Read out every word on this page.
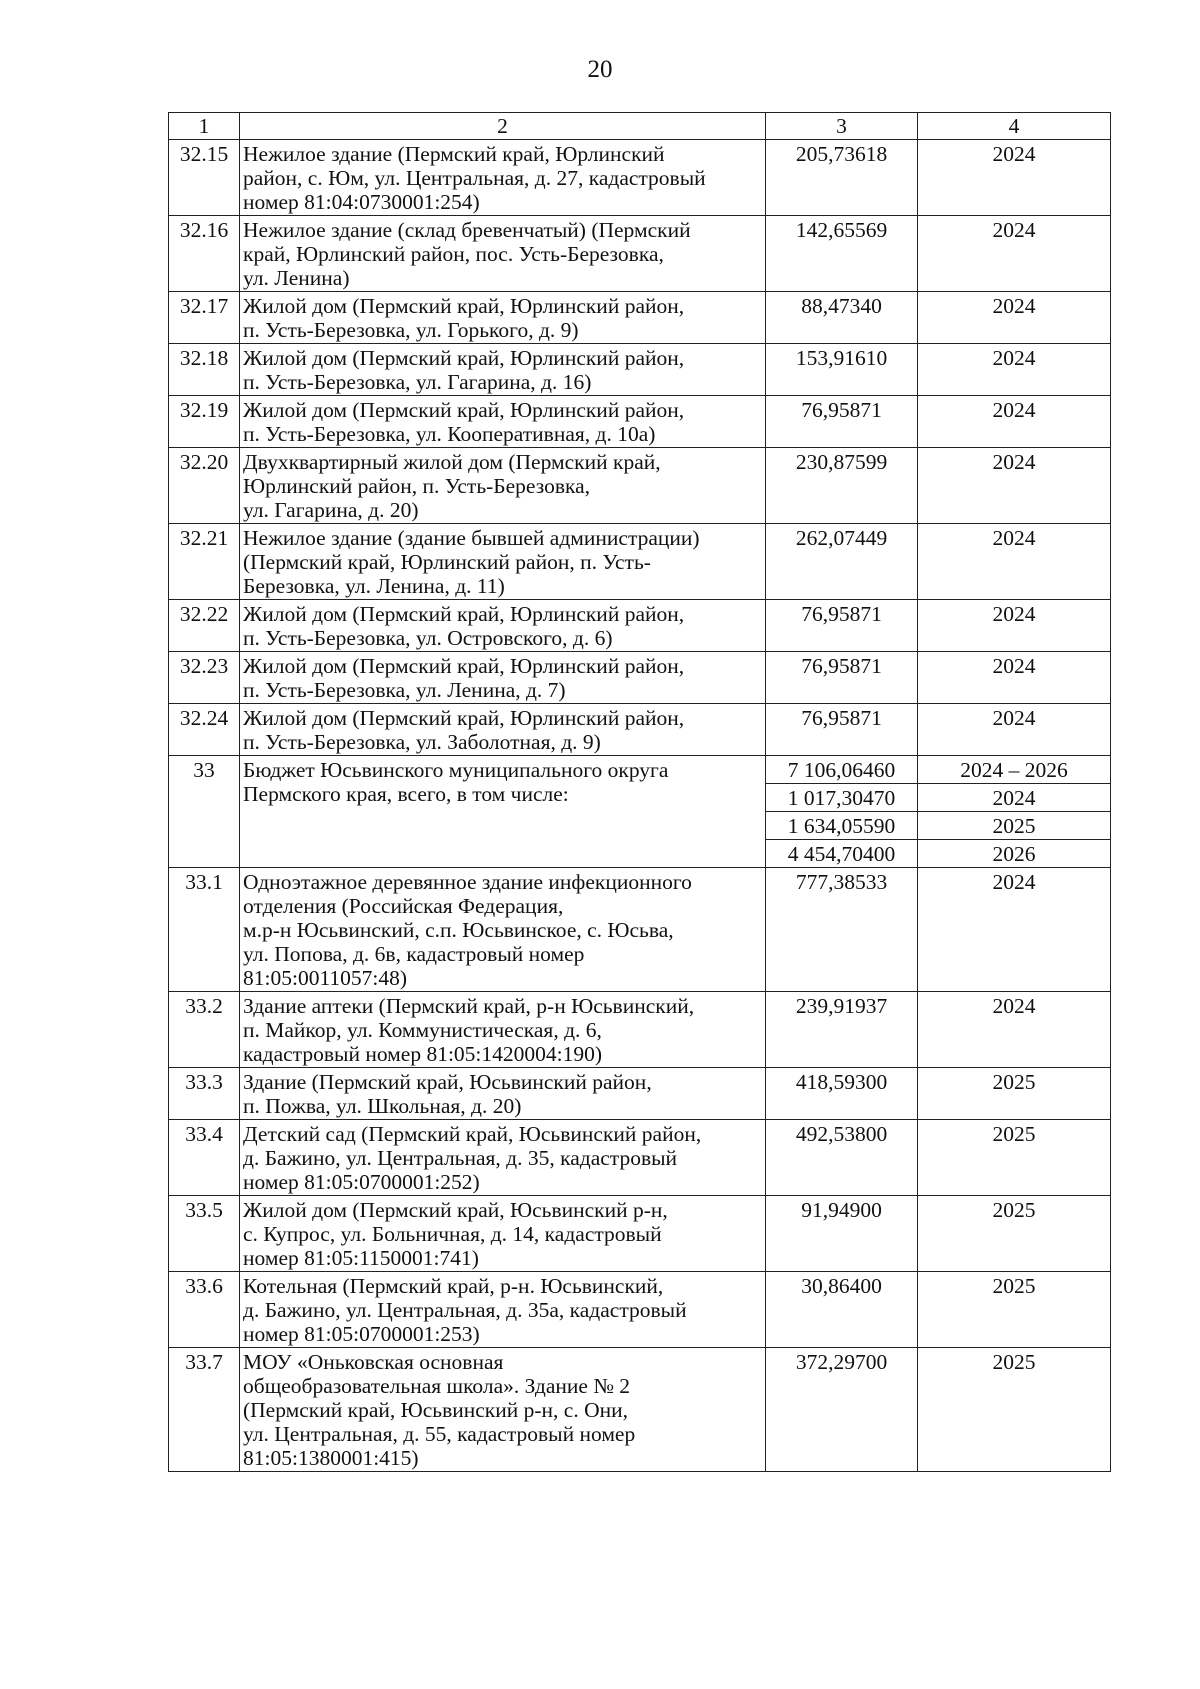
20
1	2	3	4
32.15	Нежилое здание (Пермский край, Юрлинский
район, с. Юм, ул. Центральная, д. 27, кадастровый
номер 81:04:0730001:254)	205,73618	2024
32.16	Нежилое здание (склад бревенчатый) (Пермский
край, Юрлинский район, пос. Усть-Березовка,
ул. Ленина)	142,65569	2024
32.17	Жилой дом (Пермский край, Юрлинский район,
п. Усть-Березовка, ул. Горького, д. 9)	88,47340	2024
32.18	Жилой дом (Пермский край, Юрлинский район,
п. Усть-Березовка, ул. Гагарина, д. 16)	153,91610	2024
32.19	Жилой дом (Пермский край, Юрлинский район,
п. Усть-Березовка, ул. Кооперативная, д. 10а)	76,95871	2024
32.20	Двухквартирный жилой дом (Пермский край,
Юрлинский район, п. Усть-Березовка,
ул. Гагарина, д. 20)	230,87599	2024
32.21	Нежилое здание (здание бывшей администрации)
(Пермский край, Юрлинский район, п. Усть-
Березовка, ул. Ленина, д. 11)	262,07449	2024
32.22	Жилой дом (Пермский край, Юрлинский район,
п. Усть-Березовка, ул. Островского, д. 6)	76,95871	2024
32.23	Жилой дом (Пермский край, Юрлинский район,
п. Усть-Березовка, ул. Ленина, д. 7)	76,95871	2024
32.24	Жилой дом (Пермский край, Юрлинский район,
п. Усть-Березовка, ул. Заболотная, д. 9)	76,95871	2024
33	Бюджет Юсьвинского муниципального округа
Пермского края, всего, в том числе:	7 106,06460	2024 – 2026
		1 017,30470	2024
		1 634,05590	2025
		4 454,70400	2026
33.1	Одноэтажное деревянное здание инфекционного
отделения (Российская Федерация,
м.р-н Юсьвинский, с.п. Юсьвинское, с. Юсьва,
ул. Попова, д. 6в, кадастровый номер
81:05:0011057:48)	777,38533	2024
33.2	Здание аптеки (Пермский край, р-н Юсьвинский,
п. Майкор, ул. Коммунистическая, д. 6,
кадастровый номер 81:05:1420004:190)	239,91937	2024
33.3	Здание (Пермский край, Юсьвинский район,
п. Пожва, ул. Школьная, д. 20)	418,59300	2025
33.4	Детский сад (Пермский край, Юсьвинский район,
д. Бажино, ул. Центральная, д. 35, кадастровый
номер 81:05:0700001:252)	492,53800	2025
33.5	Жилой дом (Пермский край, Юсьвинский р-н,
с. Купрос, ул. Больничная, д. 14, кадастровый
номер 81:05:1150001:741)	91,94900	2025
33.6	Котельная (Пермский край, р-н. Юсьвинский,
д. Бажино, ул. Центральная, д. 35а, кадастровый
номер 81:05:0700001:253)	30,86400	2025
33.7	МОУ «Оньковская основная
общеобразовательная школа». Здание № 2
(Пермский край, Юсьвинский р-н, с. Они,
ул. Центральная, д. 55, кадастровый номер
81:05:1380001:415)	372,29700	2025
